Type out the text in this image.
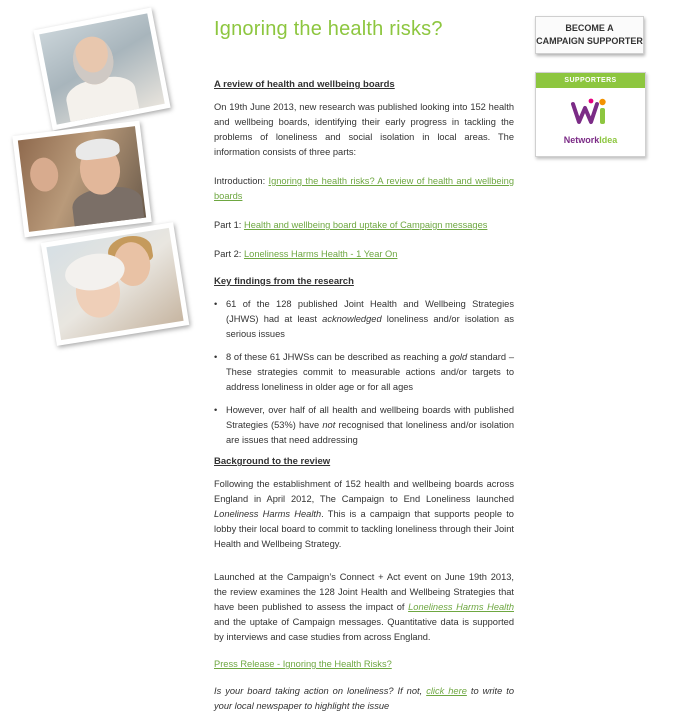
Ignoring the health risks?
A review of health and wellbeing boards

On 19th June 2013, new research was published looking into 152 health and wellbeing boards, identifying their early progress in tackling the problems of loneliness and social isolation in local areas. The information consists of three parts:

Introduction: Ignoring the health risks? A review of health and wellbeing boards

Part 1: Health and wellbeing board uptake of Campaign messages

Part 2: Loneliness Harms Health - 1 Year On

Key findings from the research
• 61 of the 128 published Joint Health and Wellbeing Strategies (JHWS) had at least acknowledged loneliness and/or isolation as serious issues
• 8 of these 61 JHWSs can be described as reaching a gold standard – These strategies commit to measurable actions and/or targets to address loneliness in older age or for all ages
• However, over half of all health and wellbeing boards with published Strategies (53%) have not recognised that loneliness and/or isolation are issues that need addressing
Background to the review

Following the establishment of 152 health and wellbeing boards across England in April 2012, The Campaign to End Loneliness launched Loneliness Harms Health. This is a campaign that supports people to lobby their local board to commit to tackling loneliness through their Joint Health and Wellbeing Strategy.

Launched at the Campaign’s Connect + Act event on June 19th 2013, the review examines the 128 Joint Health and Wellbeing Strategies that have been published to assess the impact of Loneliness Harms Health and the uptake of Campaign messages. Quantitative data is supported by interviews and case studies from across England.

Press Release - Ignoring the Health Risks?

Is your board taking action on loneliness? If not, click here to write to your local newspaper to highlight the issue

BECOME A
CAMPAIGN SUPPORTER
SUPPORTERS
NetworkIdea
